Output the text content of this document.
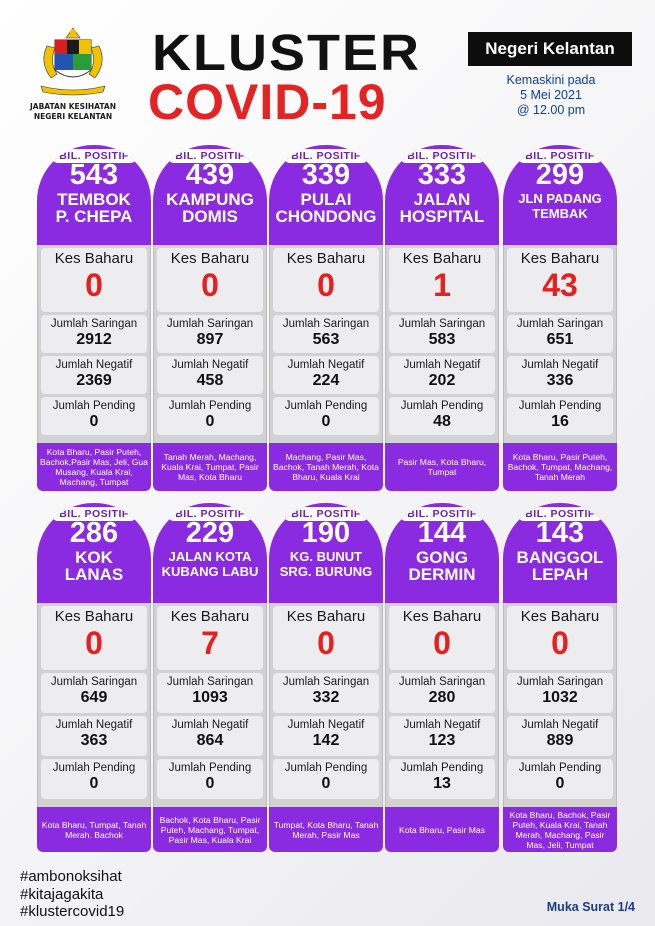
JABATAN KESIHATAN NEGERI KELANTAN
KLUSTER
COVID-19
Negeri Kelantan
Kemaskini pada
5 Mei 2021
@ 12.00 pm
BIL. POSITIF
543
TEMBOK
P. CHEPA
Kes Baharu
0
Jumlah Saringan
2912
Jumlah Negatif
2369
Jumlah Pending
0
Kota Bharu, Pasir Puteh, Bachok,Pasir Mas, Jeli, Gua Musang, Kuala Krai, Machang, Tumpat
BIL. POSITIF
439
KAMPUNG
DOMIS
Kes Baharu
0
Jumlah Saringan
897
Jumlah Negatif
458
Jumlah Pending
0
Tanah Merah, Machang, Kuala Krai, Tumpat, Pasir Mas, Kota Bharu
BIL. POSITIF
339
PULAI
CHONDONG
Kes Baharu
0
Jumlah Saringan
563
Jumlah Negatif
224
Jumlah Pending
0
Machang, Pasir Mas, Bachok, Tanah Merah, Kota Bharu, Kuala Krai
BIL. POSITIF
333
JALAN
HOSPITAL
Kes Baharu
1
Jumlah Saringan
583
Jumlah Negatif
202
Jumlah Pending
48
Pasir Mas, Kota Bharu, Tumpat
BIL. POSITIF
299
JLN PADANG
TEMBAK
Kes Baharu
43
Jumlah Saringan
651
Jumlah Negatif
336
Jumlah Pending
16
Kota Bharu, Pasir Puteh, Bachok, Tumpat, Machang, Tanah Merah
BIL. POSITIF
286
KOK
LANAS
Kes Baharu
0
Jumlah Saringan
649
Jumlah Negatif
363
Jumlah Pending
0
Kota Bharu, Tumpat, Tanah Merah. Bachok
BIL. POSITIF
229
JALAN KOTA
KUBANG LABU
Kes Baharu
7
Jumlah Saringan
1093
Jumlah Negatif
864
Jumlah Pending
0
Bachok, Kota Bharu, Pasir Puteh, Machang, Tumpat, Pasir Mas, Kuala Krai
BIL. POSITIF
190
KG. BUNUT
SRG. BURUNG
Kes Baharu
0
Jumlah Saringan
332
Jumlah Negatif
142
Jumlah Pending
0
Tumpat, Kota Bharu, Tanah Merah, Pasir Mas
BIL. POSITIF
144
GONG
DERMIN
Kes Baharu
0
Jumlah Saringan
280
Jumlah Negatif
123
Jumlah Pending
13
Kota Bharu, Pasir Mas
BIL. POSITIF
143
BANGGOL
LEPAH
Kes Baharu
0
Jumlah Saringan
1032
Jumlah Negatif
889
Jumlah Pending
0
Kota Bharu, Bachok, Pasir Puteh, Kuala Krai, Tanah Merah, Machang, Pasir Mas, Jeli, Tumpat
#ambonoksihat
#kitajagakita
#klustercovid19	Muka Surat 1/4
